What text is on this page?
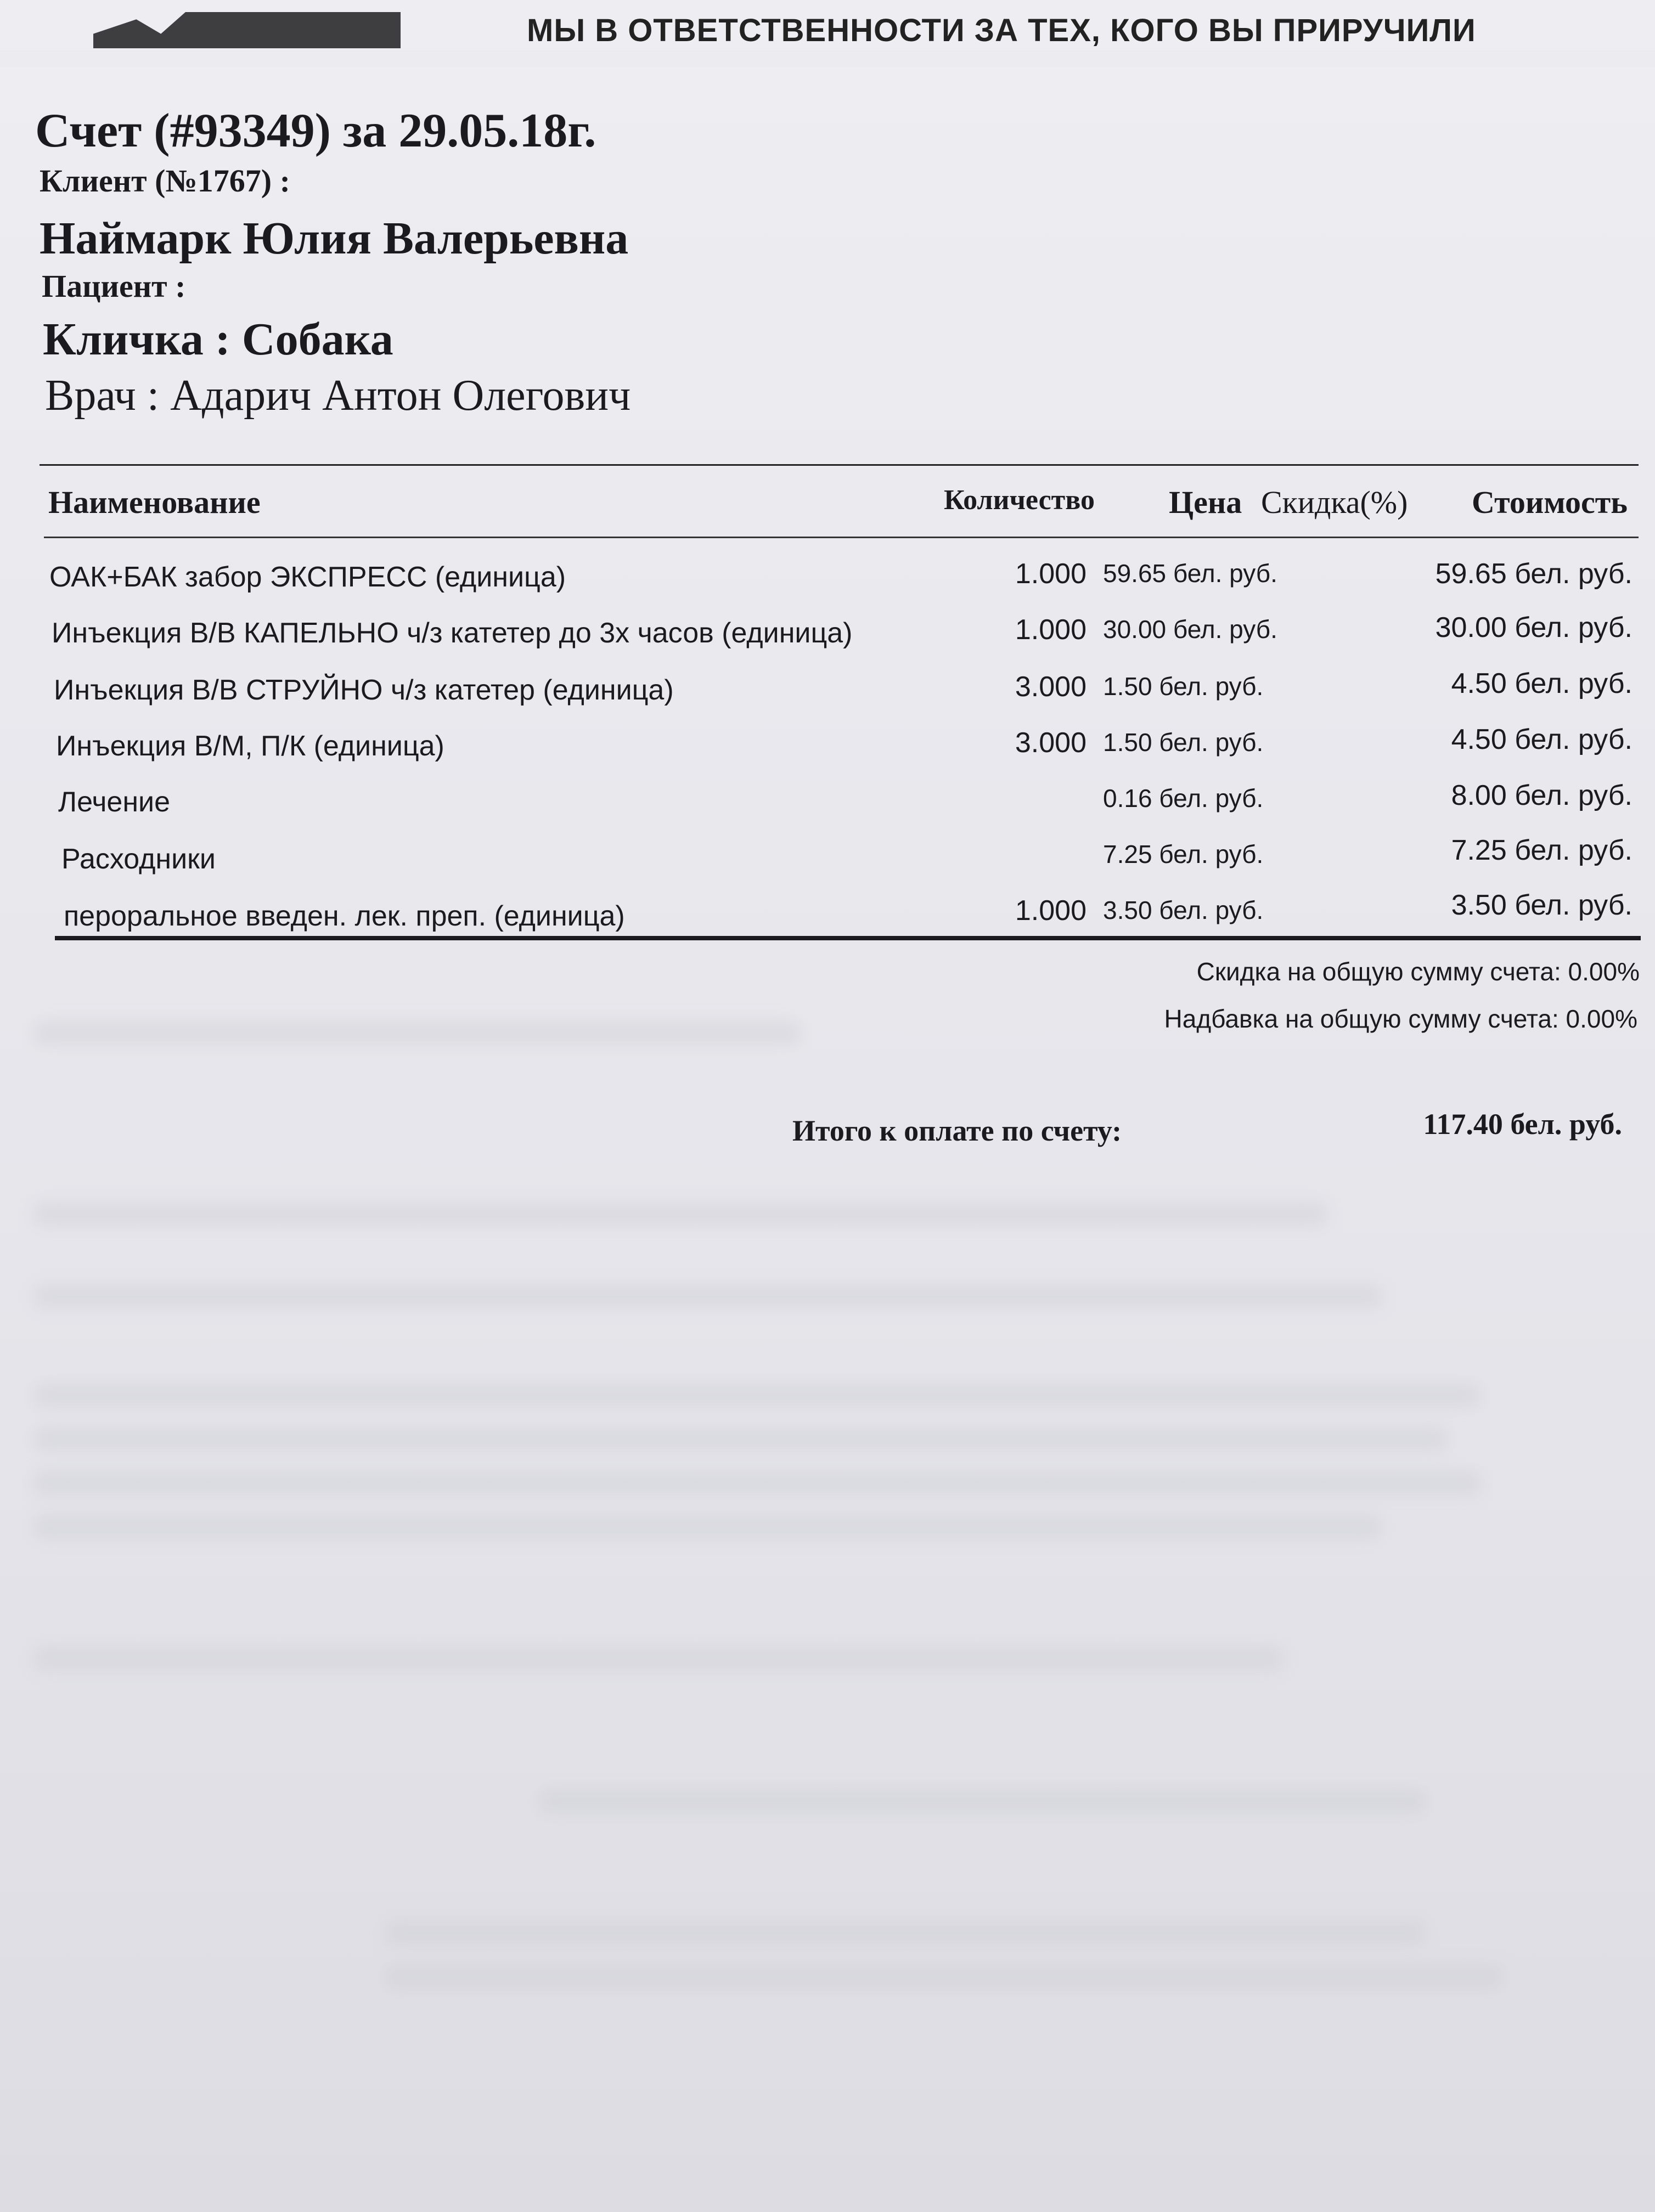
МЫ В ОТВЕТСТВЕННОСТИ ЗА ТЕХ, КОГО ВЫ ПРИРУЧИЛИ
Счет (#93349) за 29.05.18г.
Клиент (№1767) :
Наймарк Юлия Валерьевна
Пациент :
Кличка : Собака
Врач : Адарич Антон Олегович
Наименование	Количество Цена Скидка(%) Стоимость
ОАК+БАК забор ЭКСПРЕСС (единица)	1.000 59.65 бел. руб.	59.65 бел. руб.
Инъекция В/В КАПЕЛЬНО ч/з катетер до 3х часов (единица)	1.000 30.00 бел. руб.	30.00 бел. руб.
Инъекция В/В СТРУЙНО ч/з катетер (единица)	3.000 1.50 бел. руб.	4.50 бел. руб.
Инъекция В/М, П/К (единица)	3.000 1.50 бел. руб.	4.50 бел. руб.
Лечение	0.16 бел. руб.	8.00 бел. руб.
Расходники	7.25 бел. руб.	7.25 бел. руб.
пероральное введен. лек. преп. (единица)	1.000 3.50 бел. руб.	3.50 бел. руб.
Скидка на общую сумму счета: 0.00%
Надбавка на общую сумму счета: 0.00%
Итого к оплате по счету:	117.40 бел. руб.
